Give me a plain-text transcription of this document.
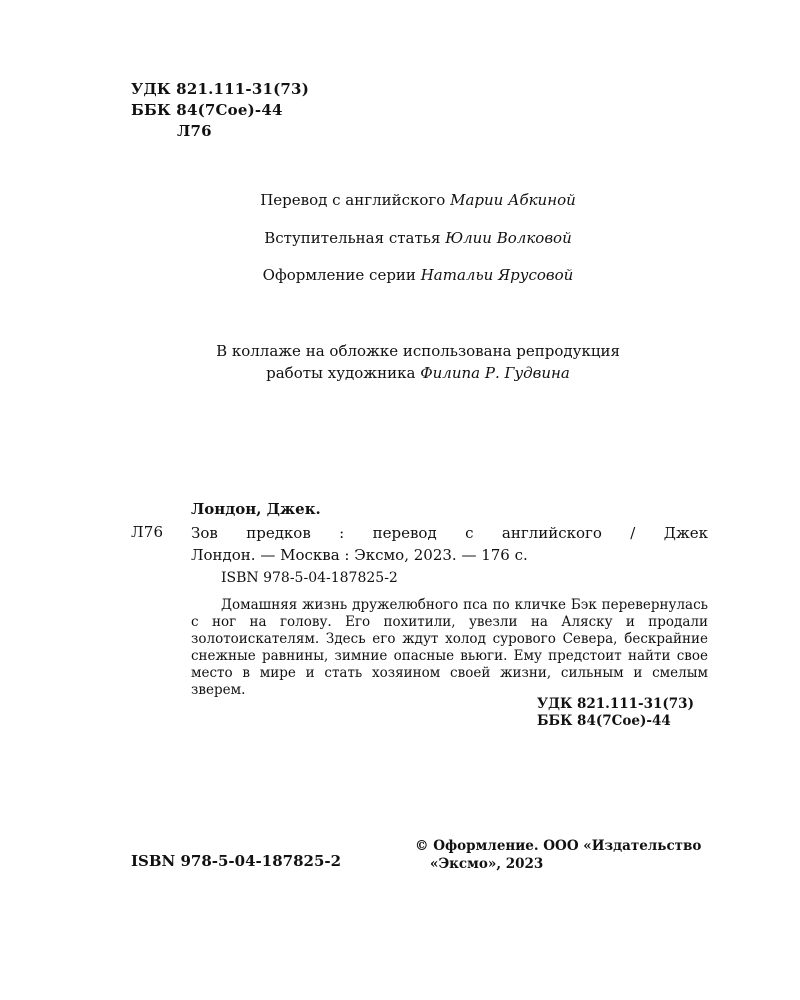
УДК 821.111-31(73)
ББК 84(7Сое)-44
Л76
Перевод с английского Марии Абкиной
Вступительная статья Юлии Волковой
Оформление серии Натальи Ярусовой
В коллаже на обложке использована репродукция
работы художника Филипа Р. Гудвина
Лондон, Джек.
Л76 Зов предков : перевод с английского / Джек
Лондон. — Москва : Эксмо, 2023. — 176 с.
ISBN 978-5-04-187825-2
Домашняя жизнь дружелюбного пса по кличке Бэк перевернулась с ног на голову. Его похитили, увезли на Аляску и продали золотоискателям. Здесь его ждут холод сурового Севера, бескрайние снежные равнины, зимние опасные вьюги. Ему предстоит найти свое место в мире и стать хозяином своей жизни, сильным и смелым зверем.
УДК 821.111-31(73)
ББК 84(7Сое)-44
ISBN 978-5-04-187825-2
© Оформление. ООО «Издательство
«Эксмо», 2023
